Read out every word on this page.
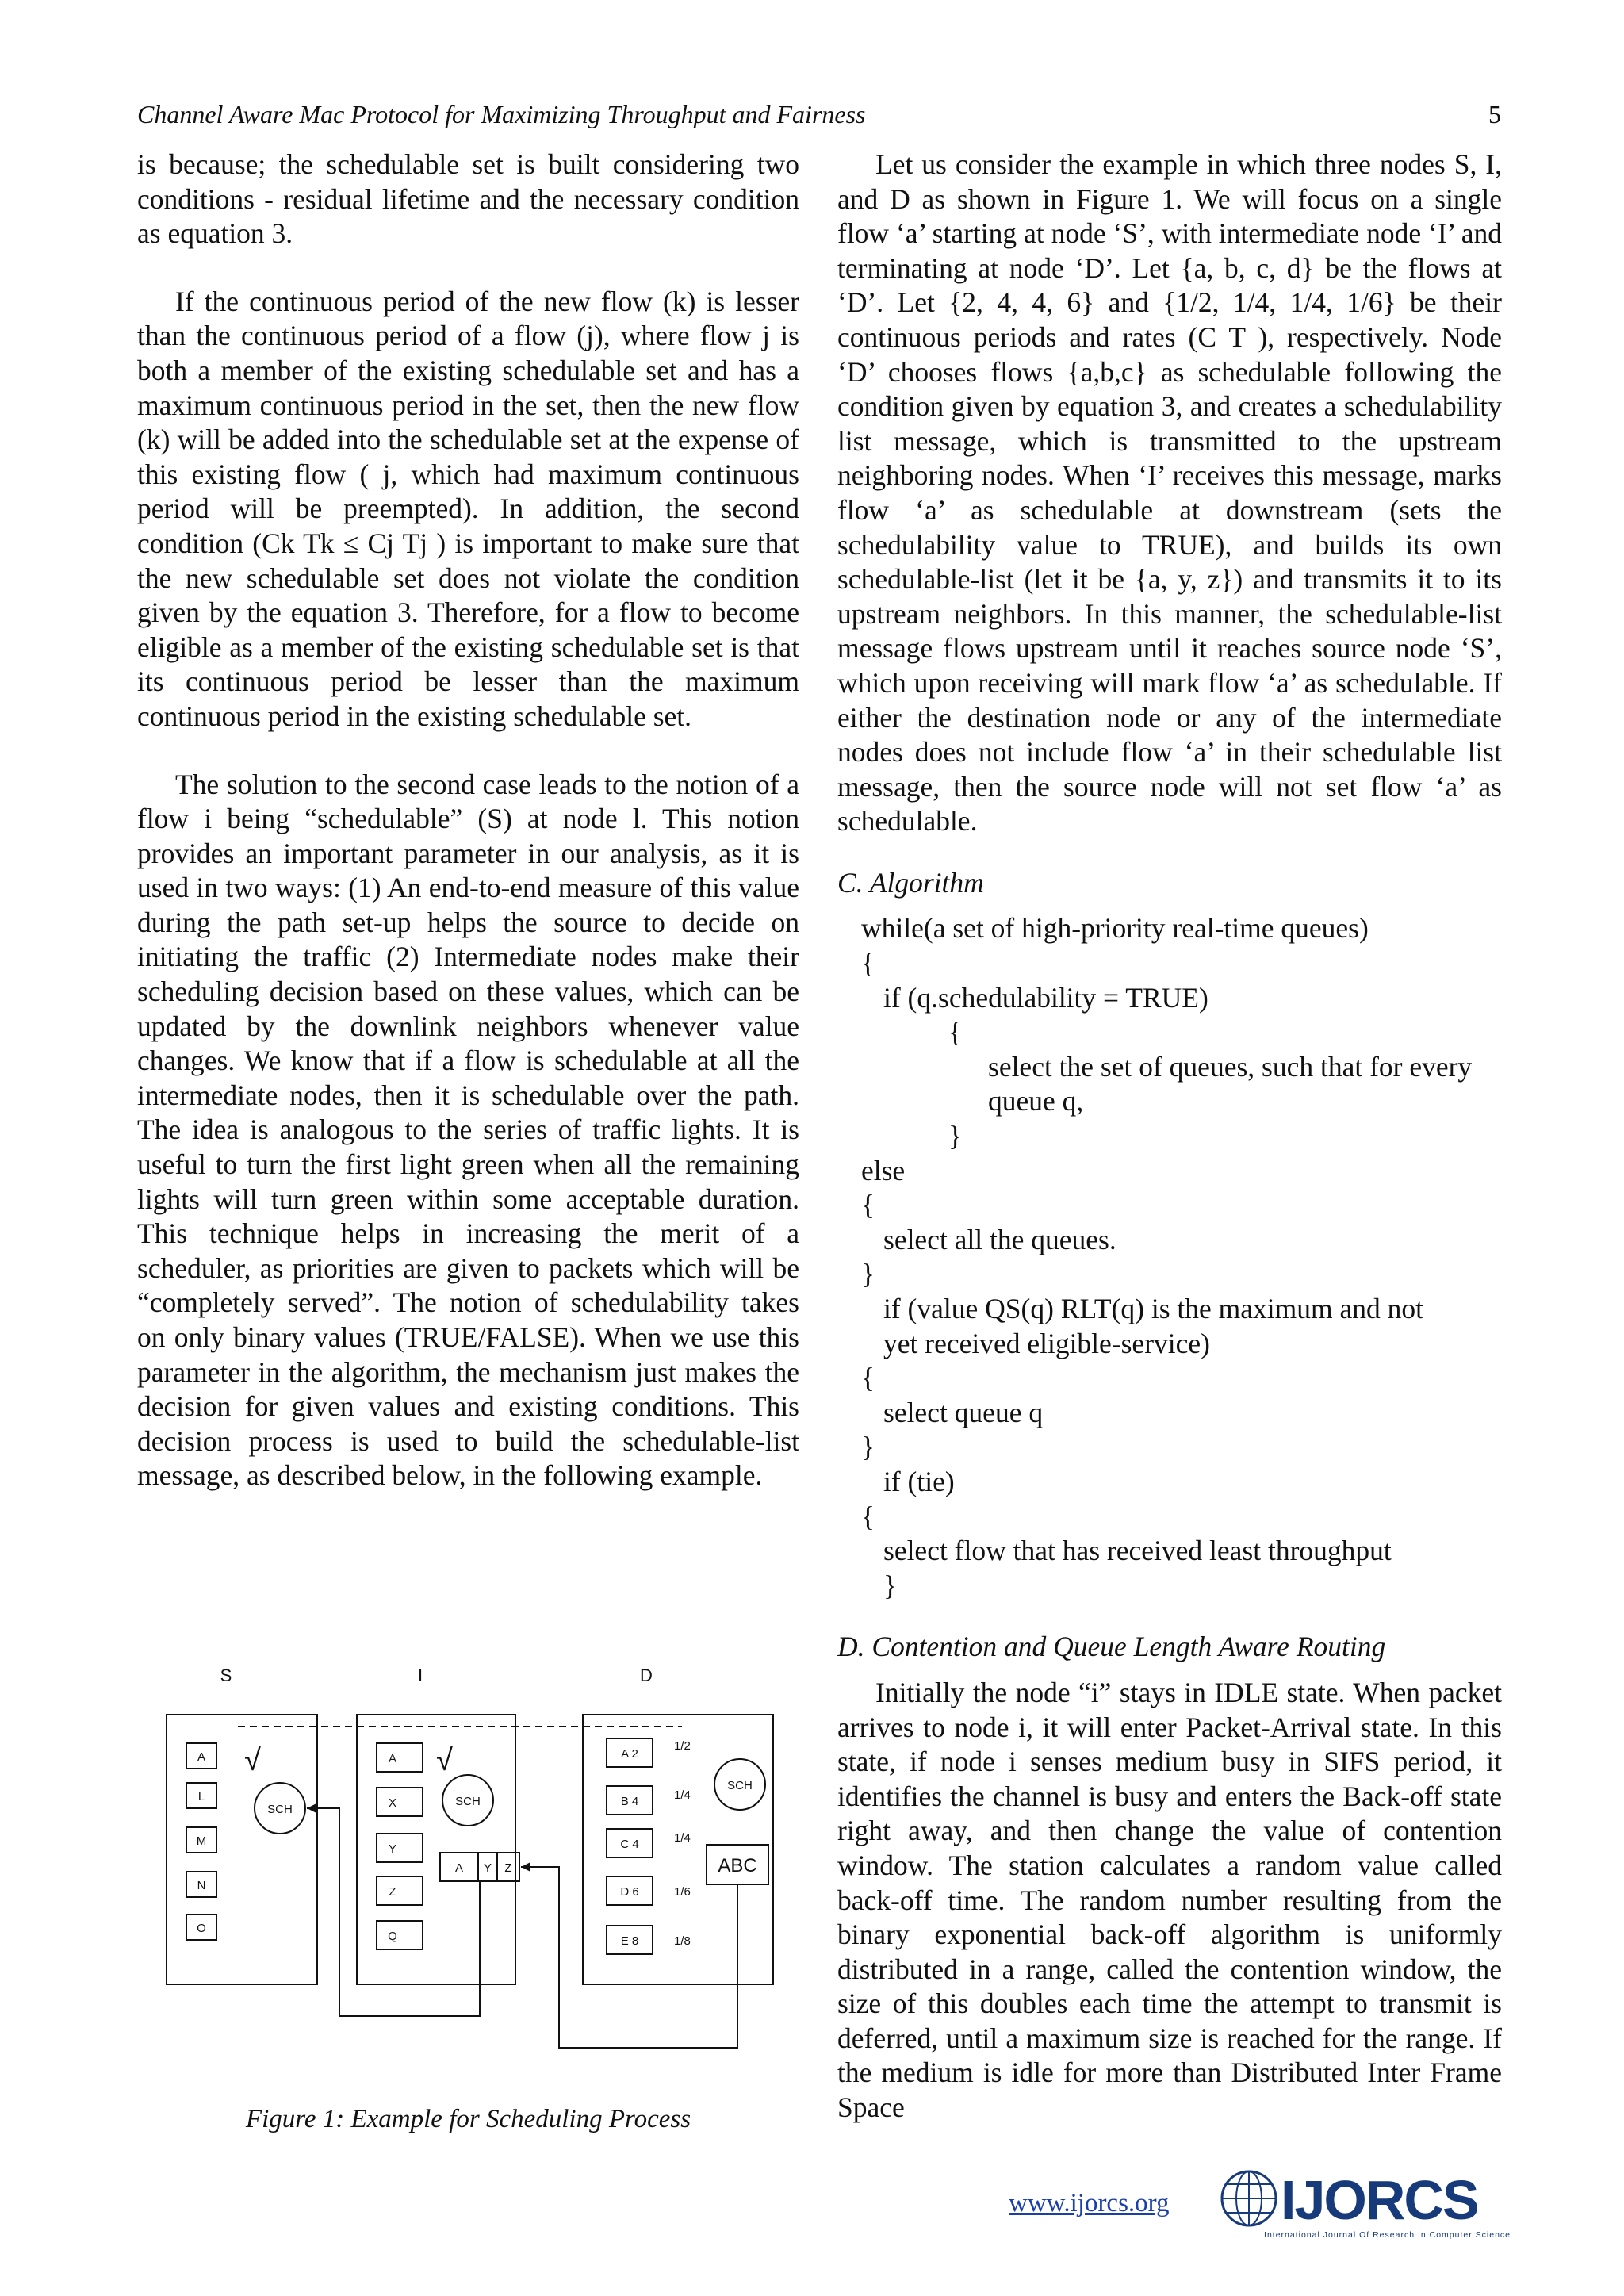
Channel Aware Mac Protocol for Maximizing Throughput and Fairness	5

is because; the schedulable set is built considering two conditions - residual lifetime and the necessary condition as equation 3.

If the continuous period of the new flow (k) is lesser than the continuous period of a flow (j), where flow j is both a member of the existing schedulable set and has a maximum continuous period in the set, then the new flow (k) will be added into the schedulable set at the expense of this existing flow ( j, which had maximum continuous period will be preempted). In addition, the second condition (Ck Tk ≤ Cj Tj ) is important to make sure that the new schedulable set does not violate the condition given by the equation 3. Therefore, for a flow to become eligible as a member of the existing schedulable set is that its continuous period be lesser than the maximum continuous period in the existing schedulable set.

The solution to the second case leads to the notion of a flow i being “schedulable” (S) at node l. This notion provides an important parameter in our analysis, as it is used in two ways: (1) An end-to-end measure of this value during the path set-up helps the source to decide on initiating the traffic (2) Intermediate nodes make their scheduling decision based on these values, which can be updated by the downlink neighbors whenever value changes. We know that if a flow is schedulable at all the intermediate nodes, then it is schedulable over the path. The idea is analogous to the series of traffic lights. It is useful to turn the first light green when all the remaining lights will turn green within some acceptable duration. This technique helps in increasing the merit of a scheduler, as priorities are given to packets which will be “completely served”. The notion of schedulability takes on only binary values (TRUE/FALSE). When we use this parameter in the algorithm, the mechanism just makes the decision for given values and existing conditions. This decision process is used to build the schedulable-list message, as described below, in the following example.

Let us consider the example in which three nodes S, I, and D as shown in Figure 1. We will focus on a single flow ‘a’ starting at node ‘S’, with intermediate node ‘I’ and terminating at node ‘D’. Let {a, b, c, d} be the flows at ‘D’. Let {2, 4, 4, 6} and {1/2, 1/4, 1/4, 1/6} be their continuous periods and rates (C T ), respectively. Node ‘D’ chooses flows {a,b,c} as schedulable following the condition given by equation 3, and creates a schedulability list message, which is transmitted to the upstream neighboring nodes. When ‘I’ receives this message, marks flow ‘a’ as schedulable at downstream (sets the schedulability value to TRUE), and builds its own schedulable-list (let it be {a, y, z}) and transmits it to its upstream neighbors. In this manner, the schedulable-list message flows upstream until it reaches source node ‘S’, which upon receiving will mark flow ‘a’ as schedulable. If either the destination node or any of the intermediate nodes does not include flow ‘a’ in their schedulable list message, then the source node will not set flow ‘a’ as schedulable.

C. Algorithm
while(a set of high-priority real-time queues)
{
if (q.schedulability = TRUE)
{
select the set of queues, such that for every
queue q,
}
else
{
select all the queues.
}
if (value QS(q) RLT(q) is the maximum and not
yet received eligible-service)
{
select queue q
}
if (tie)
{
select flow that has received least throughput
}
D. Contention and Queue Length Aware Routing

Initially the node “i” stays in IDLE state. When packet arrives to node i, it will enter Packet-Arrival state. In this state, if node i senses medium busy in SIFS period, it identifies the channel is busy and enters the Back-off state right away, and then change the value of contention window. The station calculates a random value called back-off time. The random number resulting from the binary exponential back-off algorithm is uniformly distributed in a range, called the contention window, the size of this doubles each time the attempt to transmit is deferred, until a maximum size is reached for the range. If the medium is idle for more than Distributed Inter Frame Space

S	I	D
A
L
M
N
O
SCH
A
X
Y
Z
Q
SCH
A Y Z
A 2
B 4
C 4
D 6
E 8
1/2
1/4
1/4
1/6
1/8
SCH
ABC
√	√
Figure 1: Example for Scheduling Process
www.ijorcs.org IJORCS
International Journal Of Research In Computer Science
